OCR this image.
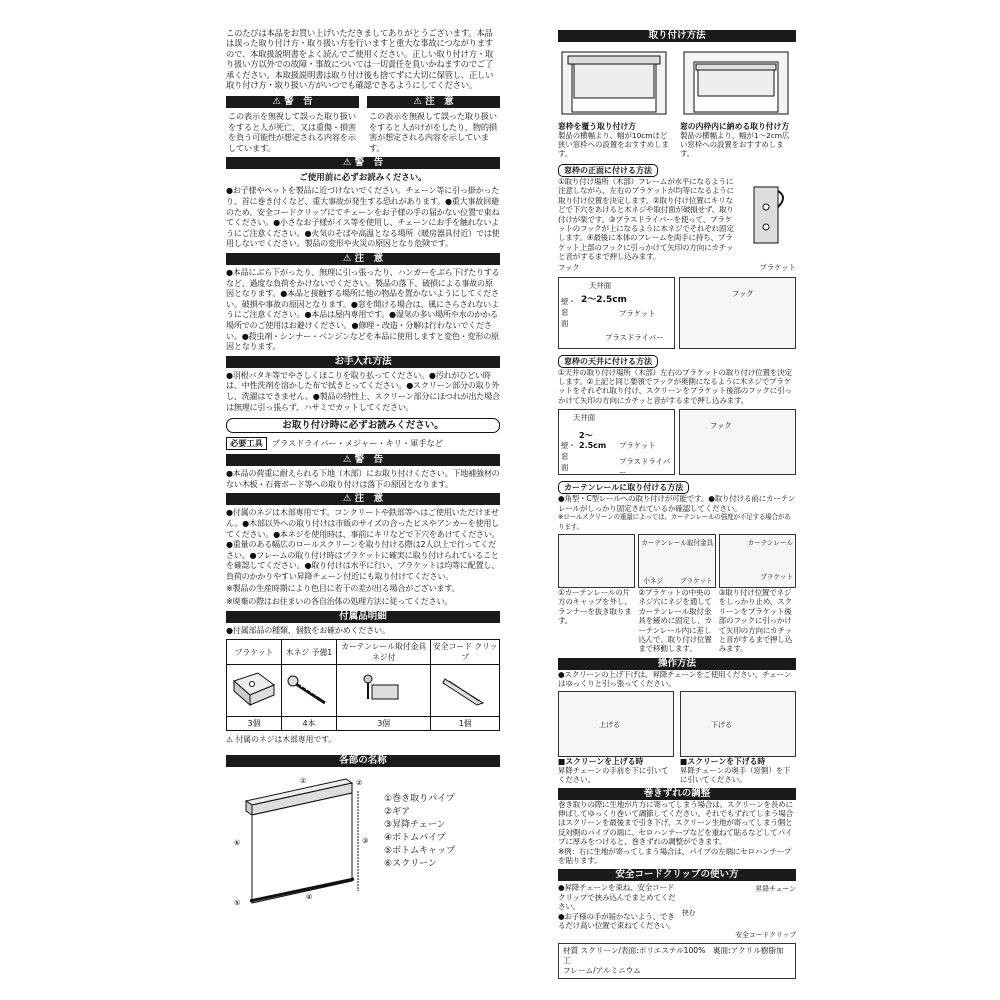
このたびは本品をお買い上げいただきましてありがとうございます。本品は誤った取り付け方・取り扱い方を行いますと重大な事故につながりますので、本取扱説明書をよく読んでご使用ください。正しい取り付け方・取り扱い方以外での故障・事故については一切責任を負いかねますのでご了承ください。本取扱説明書は取り付け後も捨てずに大切に保管し、正しい取り付け方・取り扱い方がいつでも確認できるようにしてください。

⚠ 警　告

この表示を無視して誤った取り扱いをすると人が死亡、又は重傷・損害を負う可能性が想定される内容を示しています。

⚠ 注　意

この表示を無視して誤った取り扱いをすると人がけがをしたり、物的損害が想定される内容を示しています。

⚠ 警　告
ご使用前に必ずお読みください。

●お子様やペットを製品に近づけないでください。チェーン等に引っ掛かったり、首に巻き付くなど、重大事故が発生する恐れがあります。●重大事故回避のため、安全コードクリップにてチェーンをお子様の手の届かない位置で束ねてください。●小さなお子様がイス等を使用し、チェーンにお手を触れないようにご注意ください。●火気のそばや高温となる場所（暖房器具付近）では使用しないでください。製品の変形や火災の原因となり危険です。

⚠ 注　意

●本品にぶら下がったり、無理に引っ張ったり、ハンガーをぶら下げたりするなど、過度な負荷をかけないでください。製品の落下、破損による事故の原因となります。●本品と接触する場所に他の物品を置かないようにしてください。破損や事故の原因となります。●窓を開ける場合は、風にさらされないようにご注意ください。●本品は屋内専用です。●湿気の多い場所や水のかかる場所でのご使用はお避けください。●修理・改造・分解は行わないでください。●殺虫剤・シンナー・ベンジンなどを本品に使用しますと変色・変形の原因となります。

お手入れ方法

●羽根バタキ等でやさしくほこりを取り払ってください。●汚れがひどい時は、中性洗剤を溶かした布で拭きとってください。●スクリーン部分の取り外し、洗濯はできません。●製品の特性上、スクリーン部分にほつれが出た場合は無理に引っ張らず、ハサミでカットしてください。

お取り付け時に必ずお読みください。
必要工具	プラスドライバー・メジャー・キリ・軍手など
⚠ 警　告

●本品の荷重に耐えられる下地（木部）にお取り付けください。下地補強材のない木板・石膏ボード等への取り付けは落下の原因となります。

⚠ 注　意

●付属のネジは木部専用です。コンクリートや鉄部等へはご使用いただけません。●木部以外への取り付けは市販のサイズの合ったビスやアンカーを使用してください。●本ネジを使用時は、事前にキリなどで下穴をあけてください。●重量のある幅広のロールスクリーンを取り付ける際は2人以上で行ってください。●フレームの取り付け時はブラケットに確実に取り付けられていることを確認してください。●取り付けは水平に行い、ブラケットは均等に配置し、負荷のかかりやすい昇降チェーン付近にも取り付けてください。

※製品の生産時期により色目に若干の差が出る場合がございます。

※廃棄の際はお住まいの各自治体の処理方法に従ってください。

付属品明細

●付属部品の種類、個数をお確かめください。

ブラケット	木ネジ 予備1	カーテンレール取付金具 ネジ付	安全コード クリップ

3個	4本	3個	1個
⚠ 付属のネジは木部専用です。
各部の名称
①	②
③
④
⑤
⑥
①巻き取りパイプ
②ギア
③昇降チェーン
④ボトムパイプ
⑤ボトムキャップ
⑥スクリーン
取り付け方法
窓枠を覆う取り付け方
製品の横幅より、幅が10cmほど狭い窓枠への設置をおすすめします。
窓の内枠内に納める取り付け方
製品の横幅より、幅が1〜2cm広い窓枠への設置をおすすめします。
窓枠の正面に付ける方法

①取り付け場所（木部）フレームが水平になるように注意しながら、左右のブラケットが均等になるように取り付け位置を決定します。②取り付け位置にキリなどで下穴をあけると木ネジや取付面が破損せず、取り付けが楽です。③プラスドライバーを使って、ブラケットのフックが上になるように木ネジでそれぞれ固定します。④最後に本体のフレームを両手に持ち、ブラケット上部のフックに引っかけて矢印の方向にカチッと音がするまで押し込みます。

フック	ブラケット
天井面
壁・窓面
2〜2.5cm
ブラケット
プラスドライバー
フック
窓枠の天井に付ける方法

①天井の取り付け場所（木部）左右のブラケットの取り付け位置を決定します。②上記と同じ要領でフックが奥側になるように木ネジでブラケットをそれぞれ取り付け、スクリーンをブラケット後部のフックに引っかけて矢印の方向にカチッと音がするまで押し込みます。

天井面
壁・窓面
2〜2.5cm ブラケット
プラスドライバー
フック
カーテンレールに取り付ける方法

●角型・C型レールへの取り付けが可能です。●取り付ける前にカーテンレールがしっかり固定されているか確認してください。

※ロールスクリーンの重量によっては、カーテンレールの強度が不足する場合があります。

①カーテンレールの片方のキャップを外し、ランナーを抜き取ります。

カーテンレール取付金具
小ネジ	ブラケット

②ブラケットの中央のネジ穴にネジを通してカーテンレール取付金具を緩めに固定し、カーテンレール内に差し込んで、取り付け位置まで移動します。

カーテンレール
ブラケット

③取り付け位置でネジをしっかり止め、スクリーンをブラケット後部のフックに引っかけて矢印の方向にカチッと音がするまで押し込みます。

操作方法

●スクリーンの上げ下げは、昇降チェーンをご使用ください。チェーンはゆっくりと引っ張ってください。

上げる	下げる
■スクリーンを上げる時
昇降チェーンの手前を下に引いてください。
■スクリーンを下げる時
昇降チェーンの奥手（窓側）を下に引いてください。
巻きずれの調整

巻き取りの際に生地が片方に寄ってしまう場合は、スクリーンを長めに伸ばしてゆっくり巻いて調節してください。それでもずれてしまう場合はスクリーンを最後まで引き下げ、スクリーン生地が寄ってしまう側と反対側のパイプの端に、セロハンテープなどを重ねて貼るなどしてパイプに厚みをつけると、巻きずれの調整ができます。

※例：右に生地が寄ってしまう場合は、パイプの左端にセロハンテープを貼ります。

安全コードクリップの使い方

●昇降チェーンを束ね、安全コードクリップで挟み込んでまとめてください。

●お子様の手が届かないよう、できるだけ高い位置で束ねてください。

昇降チェーン
挟む
安全コードクリップ
材質 スクリーン/表面:ポリエステル100%　裏面:アクリル樹脂加工
フレーム/アルミニウム
